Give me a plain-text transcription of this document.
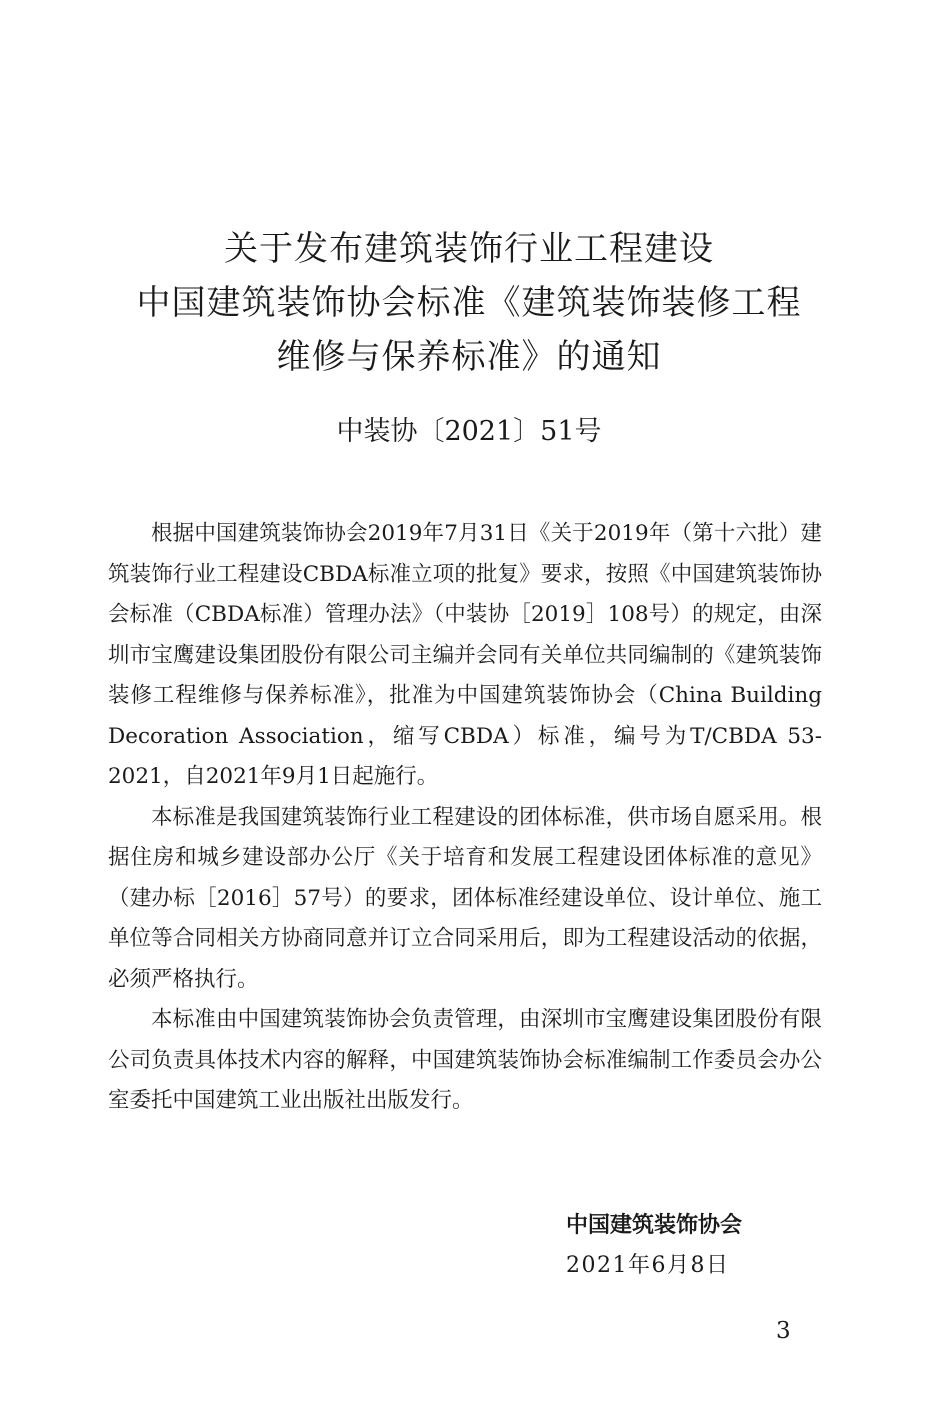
关于发布建筑装饰行业工程建设
中国建筑装饰协会标准《建筑装饰装修工程
维修与保养标准》的通知
中装协〔2021〕51号

根据中国建筑装饰协会2019年7月31日《关于2019年（第十六批）建筑装饰行业工程建设CBDA标准立项的批复》要求，按照《中国建筑装饰协会标准（CBDA标准）管理办法》（中装协［2019］108号）的规定，由深圳市宝鹰建设集团股份有限公司主编并会同有关单位共同编制的《建筑装饰装修工程维修与保养标准》，批准为中国建筑装饰协会（China Building Decoration Association，缩写CBDA）标准，编号为T/CBDA 53-2021，自2021年9月1日起施行。

本标准是我国建筑装饰行业工程建设的团体标准，供市场自愿采用。根据住房和城乡建设部办公厅《关于培育和发展工程建设团体标准的意见》（建办标［2016］57号）的要求，团体标准经建设单位、设计单位、施工单位等合同相关方协商同意并订立合同采用后，即为工程建设活动的依据，必须严格执行。

本标准由中国建筑装饰协会负责管理，由深圳市宝鹰建设集团股份有限公司负责具体技术内容的解释，中国建筑装饰协会标准编制工作委员会办公室委托中国建筑工业出版社出版发行。

中国建筑装饰协会
2021年6月8日
3
